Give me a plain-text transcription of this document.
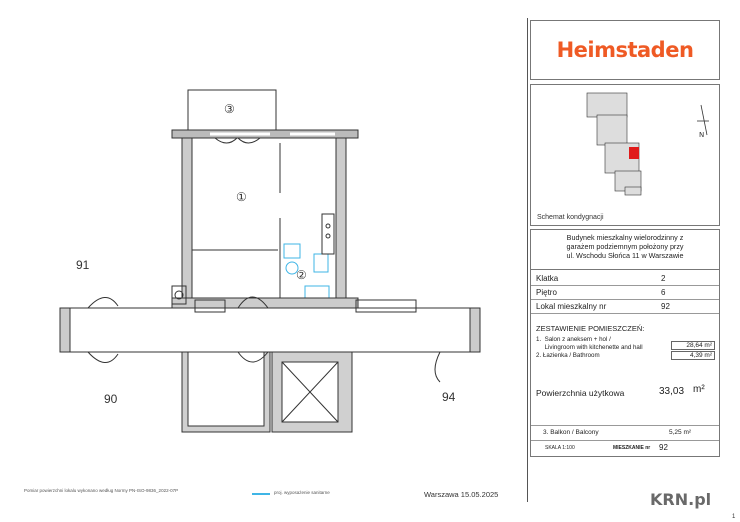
①
②
③
91
90	94
Heimstaden
N
Schemat kondygnacji
Budynek mieszkalny wielorodzinny z
garażem podziemnym położony przy
ul. Wschodu Słońca 11 w Warszawie
Klatka	2
Piętro	6
Lokal mieszkalny nr	92
ZESTAWIENIE POMIESZCZEŃ:
1.  Salon z aneksem + hol /
Livingroom with kitchenette and hall	28,64 m²
2. Łazienka / Bathroom	4,39 m²
Powierzchnia użytkowa	33,03 m²
3. Balkon / Balcony	5,25 m²
SKALA 1:100	MIESZKANIE nr 92
Pomiar powierzchni lokalu wykonano według Normy PN-ISO-9836_2022-07P	proj. wyposażenie sanitarne	Warszawa 15.05.2025	KRN.pl
1
